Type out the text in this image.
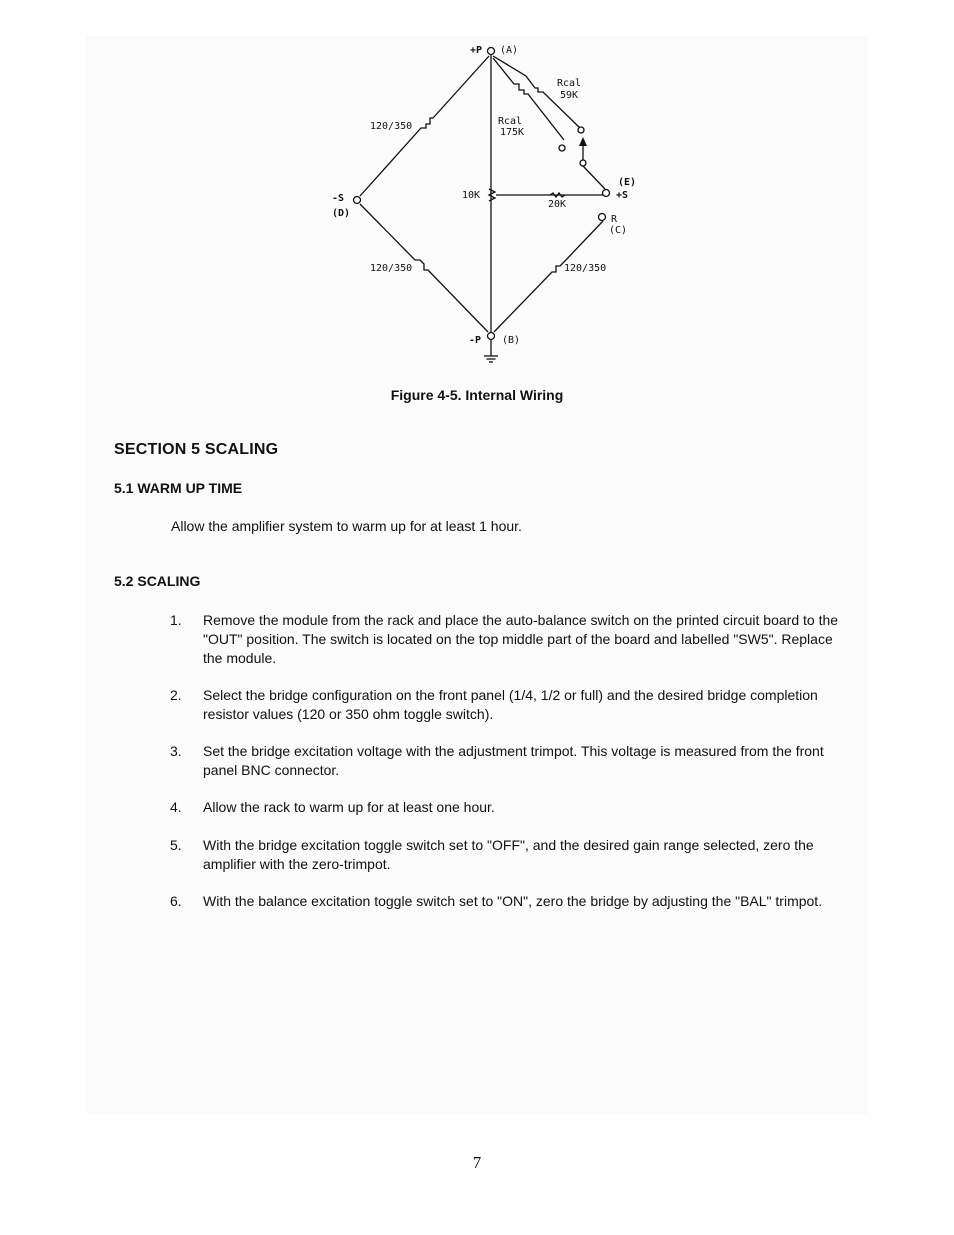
+P (A)
Rcal
59K
Rcal
175K
120/350
(E)
+S
10K
20K
-S
(D)
R
(C)
120/350	120/350
-P (B)
Figure 4-5. Internal Wiring
SECTION 5 SCALING
5.1 WARM UP TIME
Allow the amplifier system to warm up for at least 1 hour.
5.2 SCALING
1.	Remove the module from the rack and place the auto-balance switch on the printed circuit board to the "OUT" position. The switch is located on the top middle part of the board and labelled "SW5". Replace the module.
2.	Select the bridge configuration on the front panel (1/4, 1/2 or full) and the desired bridge completion resistor values (120 or 350 ohm toggle switch).
3.	Set the bridge excitation voltage with the adjustment trimpot. This voltage is measured from the front panel BNC connector.
4.	Allow the rack to warm up for at least one hour.
5.	With the bridge excitation toggle switch set to "OFF", and the desired gain range selected, zero the amplifier with the zero-trimpot.
6.	With the balance excitation toggle switch set to "ON", zero the bridge by adjusting the "BAL" trimpot.
7
